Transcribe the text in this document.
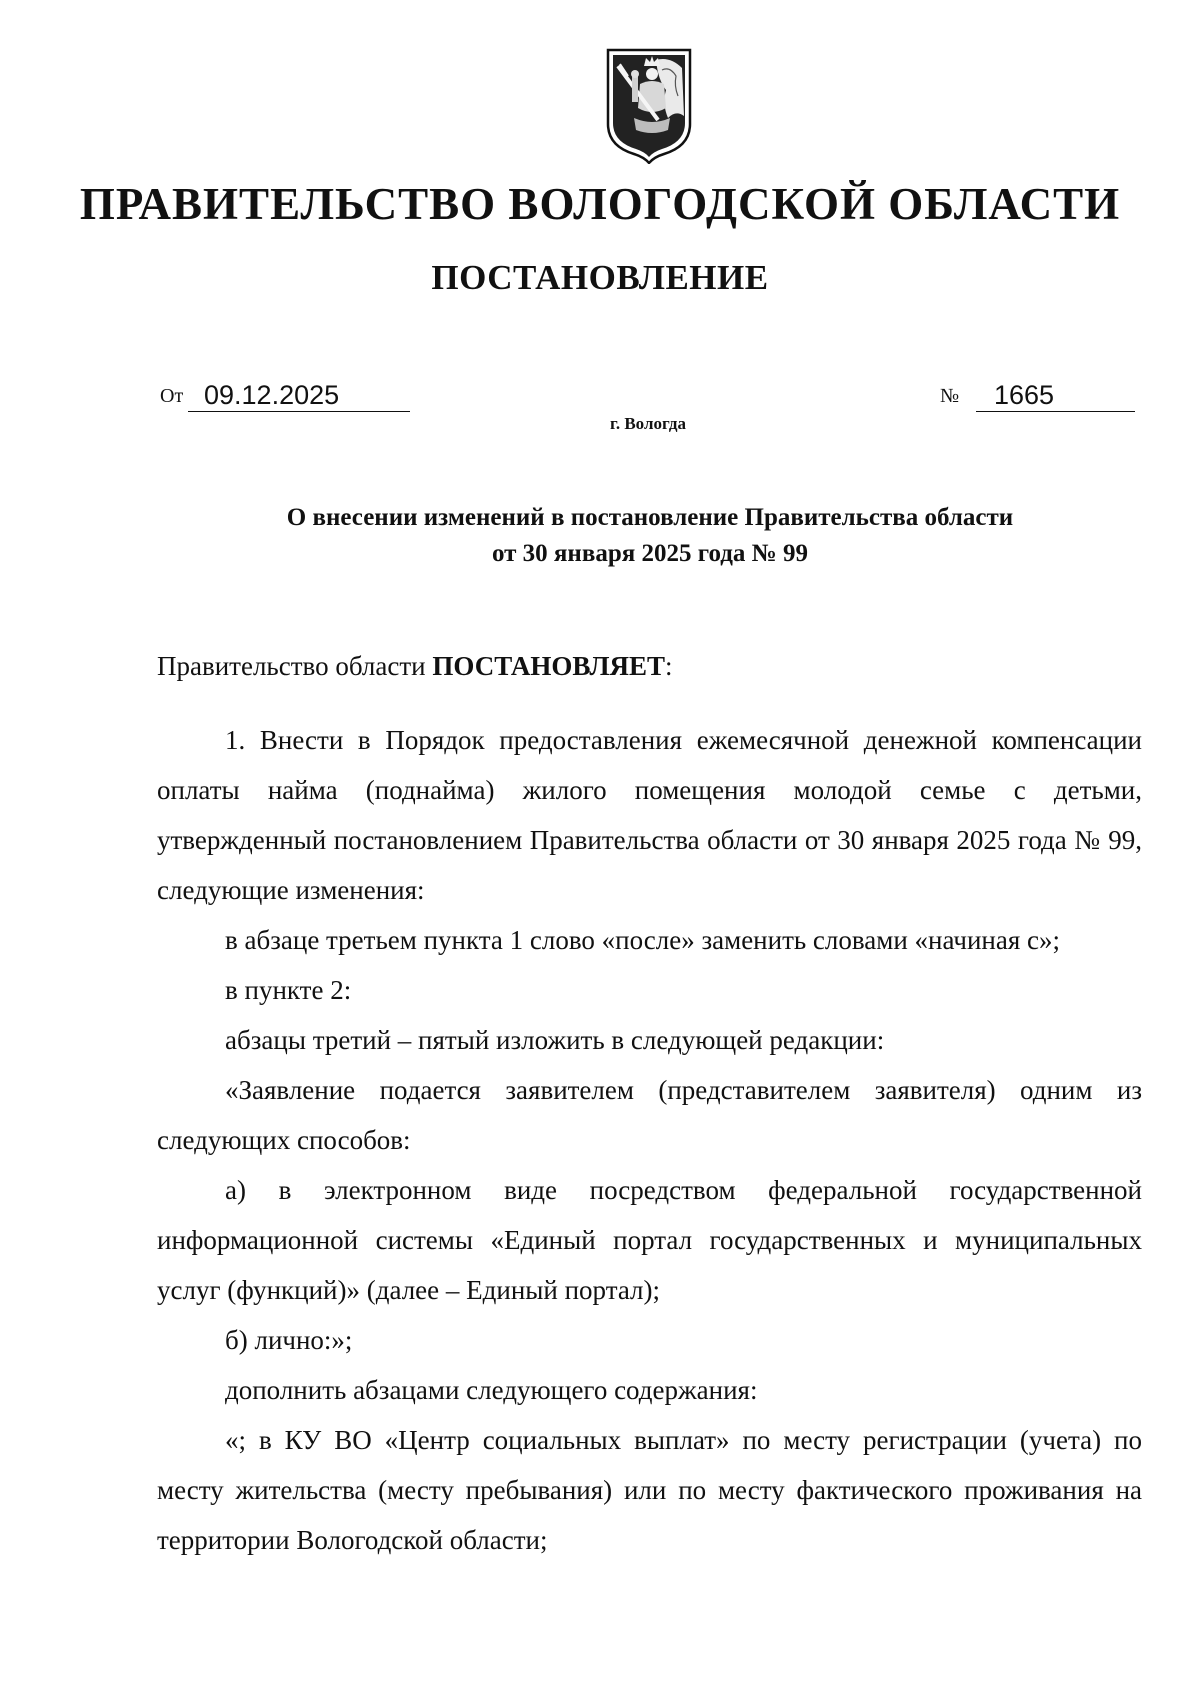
ПРАВИТЕЛЬСТВО ВОЛОГОДСКОЙ ОБЛАСТИ
ПОСТАНОВЛЕНИЕ
От 09.12.2025	№ 1665
г. Вологда
О внесении изменений в постановление Правительства области
от 30 января 2025 года № 99
Правительство области ПОСТАНОВЛЯЕТ:

1. Внести в Порядок предоставления ежемесячной денежной компенсации оплаты найма (поднайма) жилого помещения молодой семье с детьми, утвержденный постановлением Правительства области от 30 января 2025 года № 99, следующие изменения:

в абзаце третьем пункта 1 слово «после» заменить словами «начиная с»;

в пункте 2:

абзацы третий – пятый изложить в следующей редакции:

«Заявление подается заявителем (представителем заявителя) одним из следующих способов:

а) в электронном виде посредством федеральной государственной информационной системы «Единый портал государственных и муниципальных услуг (функций)» (далее – Единый портал);

б) лично:»;

дополнить абзацами следующего содержания:

«; в КУ ВО «Центр социальных выплат» по месту регистрации (учета) по месту жительства (месту пребывания) или по месту фактического проживания на территории Вологодской области;
